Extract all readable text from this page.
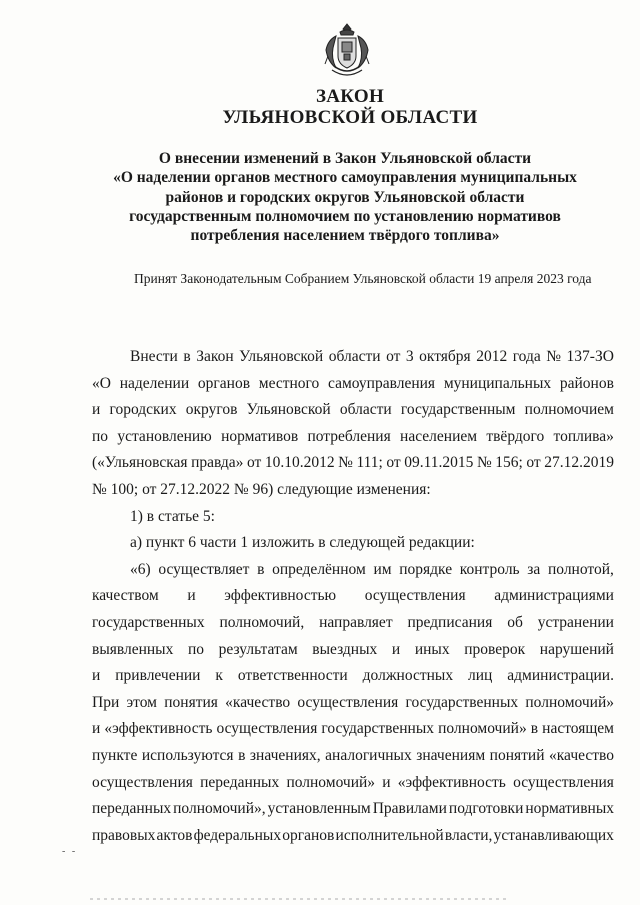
ЗАКОН
УЛЬЯНОВСКОЙ ОБЛАСТИ
О внесении изменений в Закон Ульяновской области
«О наделении органов местного самоуправления муниципальных
районов и городских округов Ульяновской области
государственным полномочием по установлению нормативов
потребления населением твёрдого топлива»
Принят Законодательным Собранием Ульяновской области 19 апреля 2023 года
Внести в Закон Ульяновской области от 3 октября 2012 года № 137-ЗО
«О наделении органов местного самоуправления муниципальных районов
и городских округов Ульяновской области государственным полномочием
по установлению нормативов потребления населением твёрдого топлива»
(«Ульяновская правда» от 10.10.2012 № 111; от 09.11.2015 № 156; от 27.12.2019
№ 100; от 27.12.2022 № 96) следующие изменения:
1) в статье 5:
а) пункт 6 части 1 изложить в следующей редакции:
«6) осуществляет в определённом им порядке контроль за полнотой,
качеством и эффективностью осуществления администрациями
государственных полномочий, направляет предписания об устранении
выявленных по результатам выездных и иных проверок нарушений
и привлечении к ответственности должностных лиц администрации.
При этом понятия «качество осуществления государственных полномочий»
и «эффективность осуществления государственных полномочий» в настоящем
пункте используются в значениях, аналогичных значениям понятий «качество
осуществления переданных полномочий» и «эффективность осуществления
переданных полномочий», установленным Правилами подготовки нормативных
правовых актов федеральных органов исполнительной власти, устанавливающих
- -
